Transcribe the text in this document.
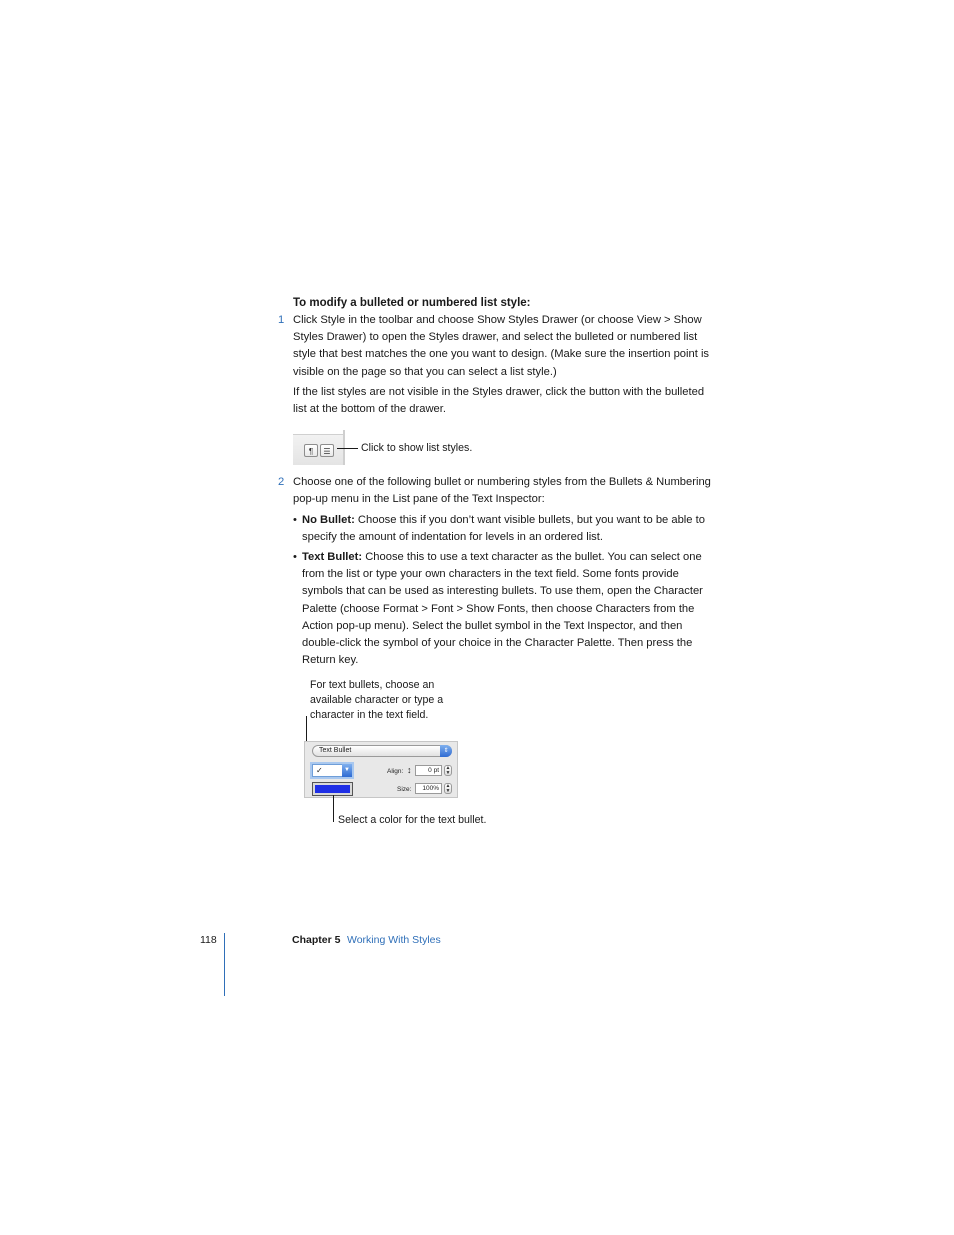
To modify a bulleted or numbered list style:
1 Click Style in the toolbar and choose Show Styles Drawer (or choose View > Show
Styles Drawer) to open the Styles drawer, and select the bulleted or numbered list
style that best matches the one you want to design. (Make sure the insertion point is
visible on the page so that you can select a list style.)
If the list styles are not visible in the Styles drawer, click the button with the bulleted
list at the bottom of the drawer.
¶	☰	Click to show list styles.
2 Choose one of the following bullet or numbering styles from the Bullets & Numbering
pop-up menu in the List pane of the Text Inspector:
• No Bullet: Choose this if you don’t want visible bullets, but you want to be able to
specify the amount of indentation for levels in an ordered list.
• Text Bullet: Choose this to use a text character as the bullet. You can select one
from the list or type your own characters in the text field. Some fonts provide
symbols that can be used as interesting bullets. To use them, open the Character
Palette (choose Format > Font > Show Fonts, then choose Characters from the
Action pop-up menu). Select the bullet symbol in the Text Inspector, and then
double-click the symbol of your choice in the Character Palette. Then press the
Return key.
For text bullets, choose an
available character or type a
character in the text field.
Text Bullet	⇕
✓	▼	Align: ↕	0 pt	▲
▼
Size:	100%	▲
▼
Select a color for the text bullet.
118	Chapter 5 Working With Styles
